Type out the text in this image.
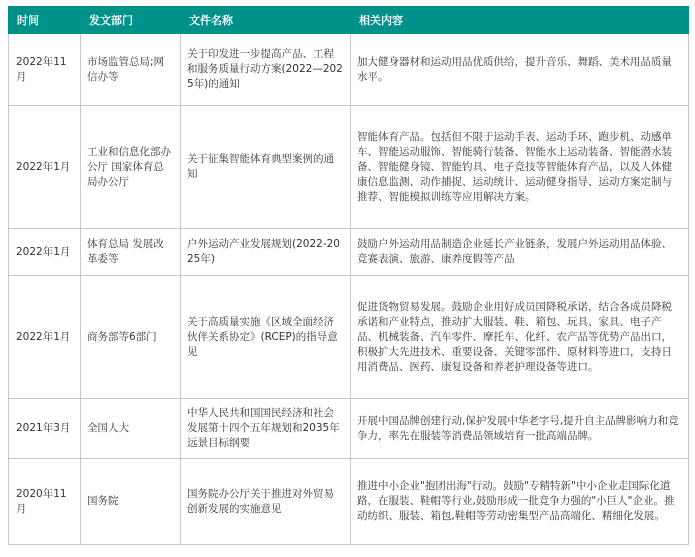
时间	发文部门	文件名称	相关内容
2022年11月	市场监管总局;网信办等	关于印发进一步提高产品、工程和服务质量行动方案(2022—2025年)的通知	加大健身器材和运动用品优质供给，提升音乐、舞蹈、美术用品质量水平。
2022年1月	工业和信息化部办公厅 国家体育总局办公厅	关于征集智能体育典型案例的通知	智能体育产品。包括但不限于运动手表、运动手环、跑步机、动感单车、智能运动服饰、智能骑行装备、智能水上运动装备、智能潜水装备、智能健身镜、智能钓具、电子竞技等智能体育产品，以及人体健康信息监测、动作捕捉、运动统计、运动健身指导、运动方案定制与推荐、智能模拟训练等应用解决方案。
2022年1月	体育总局 发展改革委等	户外运动产业发展规划(2022-2025年)	鼓励户外运动用品制造企业延长产业链条，发展户外运动用品体验、竞赛表演、旅游、康养度假等产品
2022年1月	商务部等6部门	关于高质量实施《区域全面经济伙伴关系协定》(RCEP)的指导意见	促进货物贸易发展。鼓励企业用好成员国降税承诺，结合各成员降税承诺和产业特点，推动扩大服装、鞋、箱包、玩具、家具、电子产品、机械装备、汽车零件、摩托车、化纤、农产品等优势产品出口，积极扩大先进技术、重要设备、关键零部件、原材料等进口，支持日用消费品、医药、康复设备和养老护理设备等进口。
2021年3月	全国人大	中华人民共和国国民经济和社会发展第十四个五年规划和2035年远景目标纲要	开展中国品牌创建行动,保护发展中华老字号,提升自主品牌影响力和竞争力，率先在服装等消费品领域培育一批高端品牌。
2020年11月	国务院	国务院办公厅关于推进对外贸易创新发展的实施意见	推进中小企业"抱团出海"行动。鼓励"专精特新"中小企业走国际化道路，在服装、鞋帽等行业,鼓励形成一批竞争力强的"小巨人"企业。推动纺织、服装、箱包,鞋帽等劳动密集型产品高端化、精细化发展。
